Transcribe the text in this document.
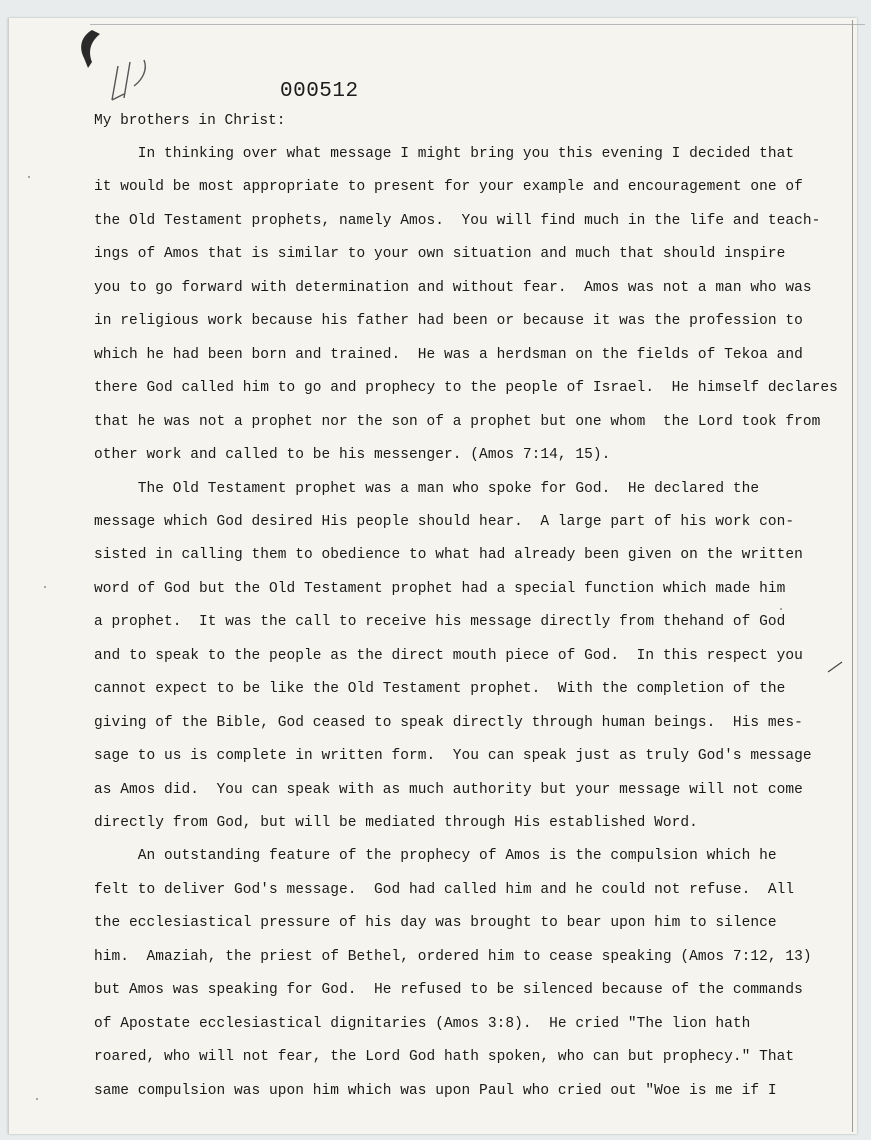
000512
My brothers in Christ:
In thinking over what message I might bring you this evening I decided that
it would be most appropriate to present for your example and encouragement one of
the Old Testament prophets, namely Amos.  You will find much in the life and teach-
ings of Amos that is similar to your own situation and much that should inspire
you to go forward with determination and without fear.  Amos was not a man who was
in religious work because his father had been or because it was the profession to
which he had been born and trained.  He was a herdsman on the fields of Tekoa and
there God called him to go and prophecy to the people of Israel.  He himself declares
that he was not a prophet nor the son of a prophet but one whom  the Lord took from
other work and called to be his messenger. (Amos 7:14, 15).
The Old Testament prophet was a man who spoke for God.  He declared the
message which God desired His people should hear.  A large part of his work con-
sisted in calling them to obedience to what had already been given on the written
word of God but the Old Testament prophet had a special function which made him
a prophet.  It was the call to receive his message directly from thehand of God
and to speak to the people as the direct mouth piece of God.  In this respect you
cannot expect to be like the Old Testament prophet.  With the completion of the
giving of the Bible, God ceased to speak directly through human beings.  His mes-
sage to us is complete in written form.  You can speak just as truly God's message
as Amos did.  You can speak with as much authority but your message will not come
directly from God, but will be mediated through His established Word.
An outstanding feature of the prophecy of Amos is the compulsion which he
felt to deliver God's message.  God had called him and he could not refuse.  All
the ecclesiastical pressure of his day was brought to bear upon him to silence
him.  Amaziah, the priest of Bethel, ordered him to cease speaking (Amos 7:12, 13)
but Amos was speaking for God.  He refused to be silenced because of the commands
of Apostate ecclesiastical dignitaries (Amos 3:8).  He cried "The lion hath
roared, who will not fear, the Lord God hath spoken, who can but prophecy." That
same compulsion was upon him which was upon Paul who cried out "Woe is me if I
